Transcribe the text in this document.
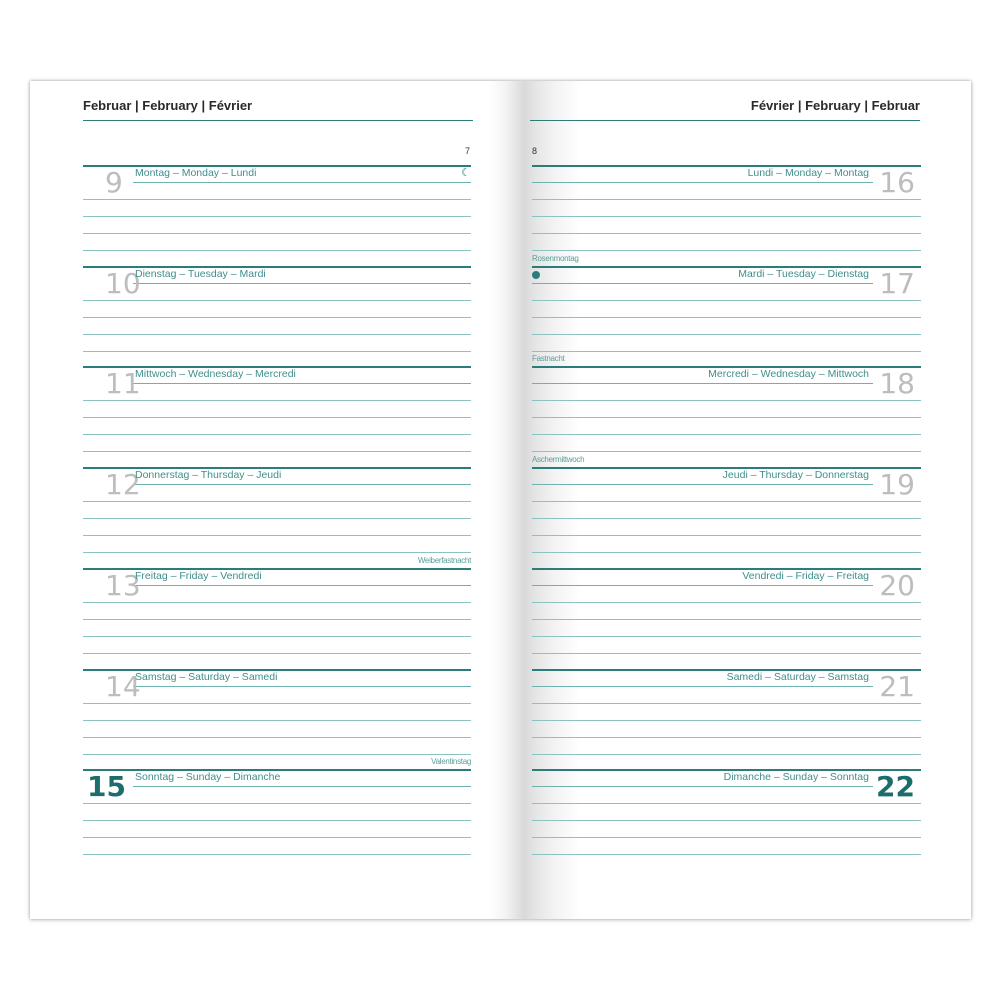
Februar | February | Février
7
9 Montag – Monday – Lundi	☾
10
Dienstag – Tuesday – Mardi
11
Mittwoch – Wednesday – Mercredi
12
Donnerstag – Thursday – Jeudi
13
Freitag – Friday – Vendredi
Weiberfastnacht
14
Samstag – Saturday – Samedi
15 Sonntag – Sunday – Dimanche
Valentinstag
Février | February | Februar
8
16
Lundi – Monday – Montag
17
Mardi – Tuesday – Dienstag
Rosenmontag
18
Mercredi – Wednesday – Mittwoch
Fastnacht
19
Jeudi – Thursday – Donnerstag
Aschermittwoch
20
Vendredi – Friday – Freitag
21
Samedi – Saturday – Samstag
22
Dimanche – Sunday – Sonntag
